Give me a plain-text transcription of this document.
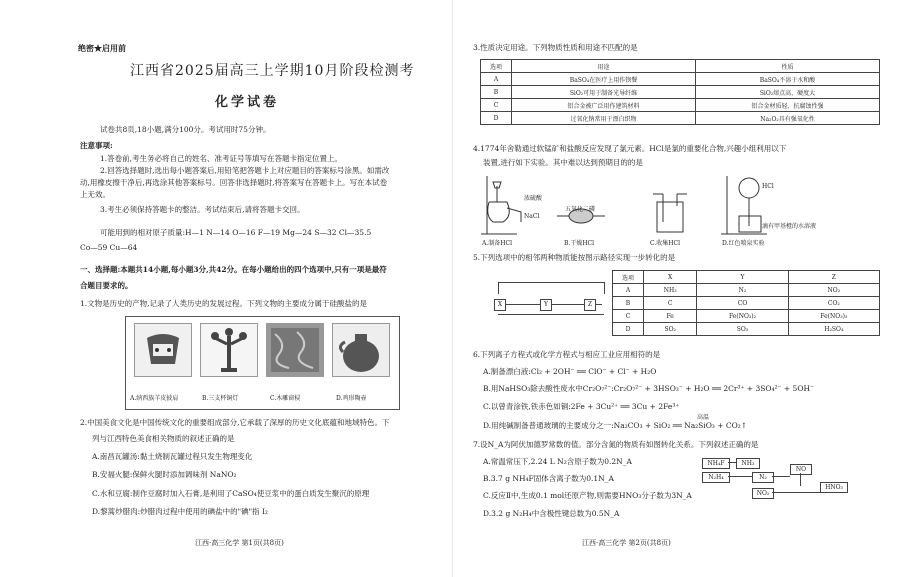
绝密★启用前
江西省2025届高三上学期10月阶段检测考
化学试卷
试卷共8页,18小题,满分100分。考试用时75分钟。
注意事项:
1.答卷前,考生务必将自己的姓名、准考证号等填写在答题卡指定位置上。
2.回答选择题时,选出每小题答案后,用铅笔把答题卡上对应题目的答案标号涂黑。如需改
动,用橡皮擦干净后,再选涂其他答案标号。回答非选择题时,将答案写在答题卡上。写在本试卷
上无效。
3.考生必须保持答题卡的整洁。考试结束后,请将答题卡交回。
可能用到的相对原子质量:H—1 N—14 O—16 F—19 Mg—24 S—32 Cl—35.5
Co—59 Cu—64
一、选择题:本题共14小题,每小题3分,共42分。在每小题给出的四个选项中,只有一项是最符
合题目要求的。
1.文物是历史的产物,记录了人类历史的发展过程。下列文物的主要成分属于硅酸盐的是
A.纳西族羊皮披肩	B.三支杯铜灯	C.木雕窗棂	D.鸡形陶壶
2.中国美食文化是中国传统文化的重要组成部分,它承载了深厚的历史文化底蕴和地域特色。下
列与江西特色美食相关物质的叙述正确的是
A.南昌瓦罐汤:黏土烧制瓦罐过程只发生物理变化
B.安福火腿:保鲜火腿时添加调味剂 NaNO₂
C.水和豆腐:制作豆腐时加入石膏,是利用了CaSO₄使豆浆中的蛋白质发生聚沉的原理
D.黎蒿炒腊肉:炒腊肉过程中使用的碘盐中的"碘"指 I₂
江西·高三化学 第1页(共8页)
3.性质决定用途。下列物质性质和用途不匹配的是
选项	用途	性质
A	BaSO₄在医疗上用作钡餐	BaSO₄不溶于水和酸
B	SiO₂可用于制备光导纤维	SiO₂熔点高、硬度大
C	铝合金被广泛用作建筑材料	铝合金材质轻、抗腐蚀性强
D	过氧化钠常用于漂白织物	Na₂O₂具有强氧化性
4.1774年舍勒通过软锰矿和盐酸反应发现了氯元素。HCl是氯的重要化合物,兴趣小组利用以下
装置,进行如下实验。其中难以达到预期目的的是
浓硫酸
NaCl
五氧化二磷
HCl
滴有甲基橙的水溶液
A.制备HCl	B.干燥HCl	C.收集HCl	D.红色喷泉实验
5.下列选项中的相邻两种物质能按图示路径实现一步转化的是
X	Y	Z
选项	X	Y	Z
A	NH₃	N₂	NO₂
B	C	CO	CO₂
C	Fe	Fe(NO₃)₂	Fe(NO₃)₃
D	SO₂	SO₃	H₂SO₄
6.下列离子方程式或化学方程式与相应工业应用相符的是
A.制备漂白液:Cl₂ + 2OH⁻ ══ ClO⁻ + Cl⁻ + H₂O
B.用NaHSO₃除去酸性废水中Cr₂O₇²⁻:Cr₂O₇²⁻ + 3HSO₃⁻ + H₂O ══ 2Cr³⁺ + 3SO₄²⁻ + 5OH⁻
C.以曾青涂铁,铁赤色如铜:2Fe + 3Cu²⁺ ══ 3Cu + 2Fe³⁺
高温
D.用纯碱制备普通玻璃的主要成分之一:Na₂CO₃ + SiO₂ ══ Na₂SiO₃ + CO₂↑
7.设N_A为阿伏加德罗常数的值。部分含氮的物质有如图转化关系。下列叙述正确的是
A.常温常压下,2.24 L N₂含原子数为0.2N_A
B.3.7 g NH₄F固体含离子数为0.1N_A
C.反应Ⅱ中,生成0.1 mol还原产物,则需要HNO₃分子数为3N_A
D.3.2 g N₂H₄中含极性键总数为0.5N_A
NH₄F	NH₃
N₂H₄	N₂
NO
NO₂
HNO₃
江西·高三化学 第2页(共8页)
